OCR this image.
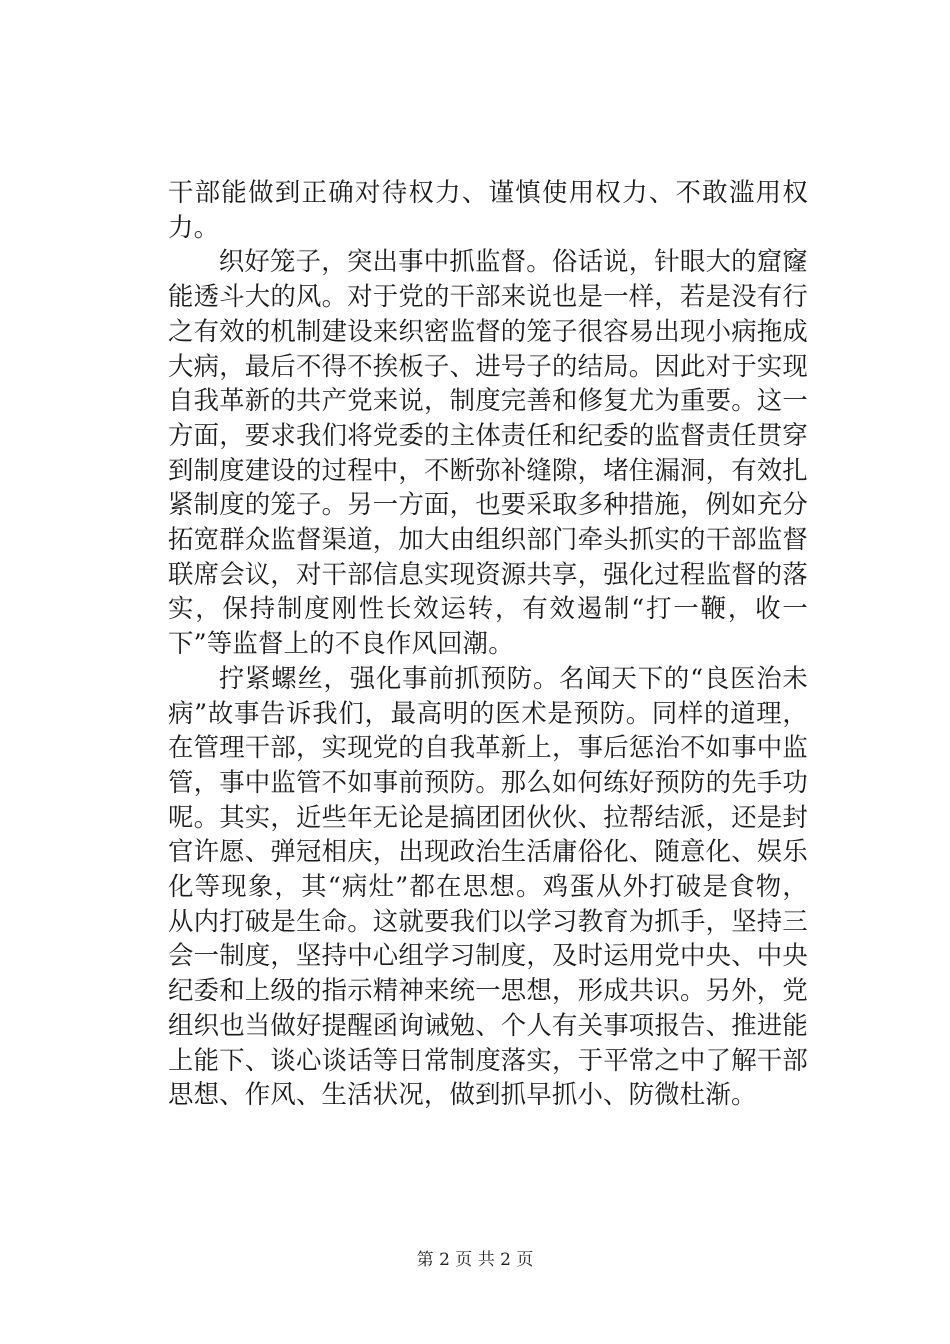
干部能做到正确对待权力、谨慎使用权力、不敢滥用权力。

织好笼子，突出事中抓监督。俗话说，针眼大的窟窿能透斗大的风。对于党的干部来说也是一样，若是没有行之有效的机制建设来织密监督的笼子很容易出现小病拖成大病，最后不得不挨板子、进号子的结局。因此对于实现自我革新的共产党来说，制度完善和修复尤为重要。这一方面，要求我们将党委的主体责任和纪委的监督责任贯穿到制度建设的过程中，不断弥补缝隙，堵住漏洞，有效扎紧制度的笼子。另一方面，也要采取多种措施，例如充分拓宽群众监督渠道，加大由组织部门牵头抓实的干部监督联席会议，对干部信息实现资源共享，强化过程监督的落实，保持制度刚性长效运转，有效遏制“打一鞭，收一下”等监督上的不良作风回潮。

拧紧螺丝，强化事前抓预防。名闻天下的“良医治未病”故事告诉我们，最高明的医术是预防。同样的道理，在管理干部，实现党的自我革新上，事后惩治不如事中监管，事中监管不如事前预防。那么如何练好预防的先手功呢。其实，近些年无论是搞团团伙伙、拉帮结派，还是封官许愿、弹冠相庆，出现政治生活庸俗化、随意化、娱乐化等现象，其“病灶”都在思想。鸡蛋从外打破是食物，从内打破是生命。这就要我们以学习教育为抓手，坚持三会一制度，坚持中心组学习制度，及时运用党中央、中央纪委和上级的指示精神来统一思想，形成共识。另外，党组织也当做好提醒函询诫勉、个人有关事项报告、推进能上能下、谈心谈话等日常制度落实，于平常之中了解干部思想、作风、生活状况，做到抓早抓小、防微杜渐。

第 2 页 共 2 页
